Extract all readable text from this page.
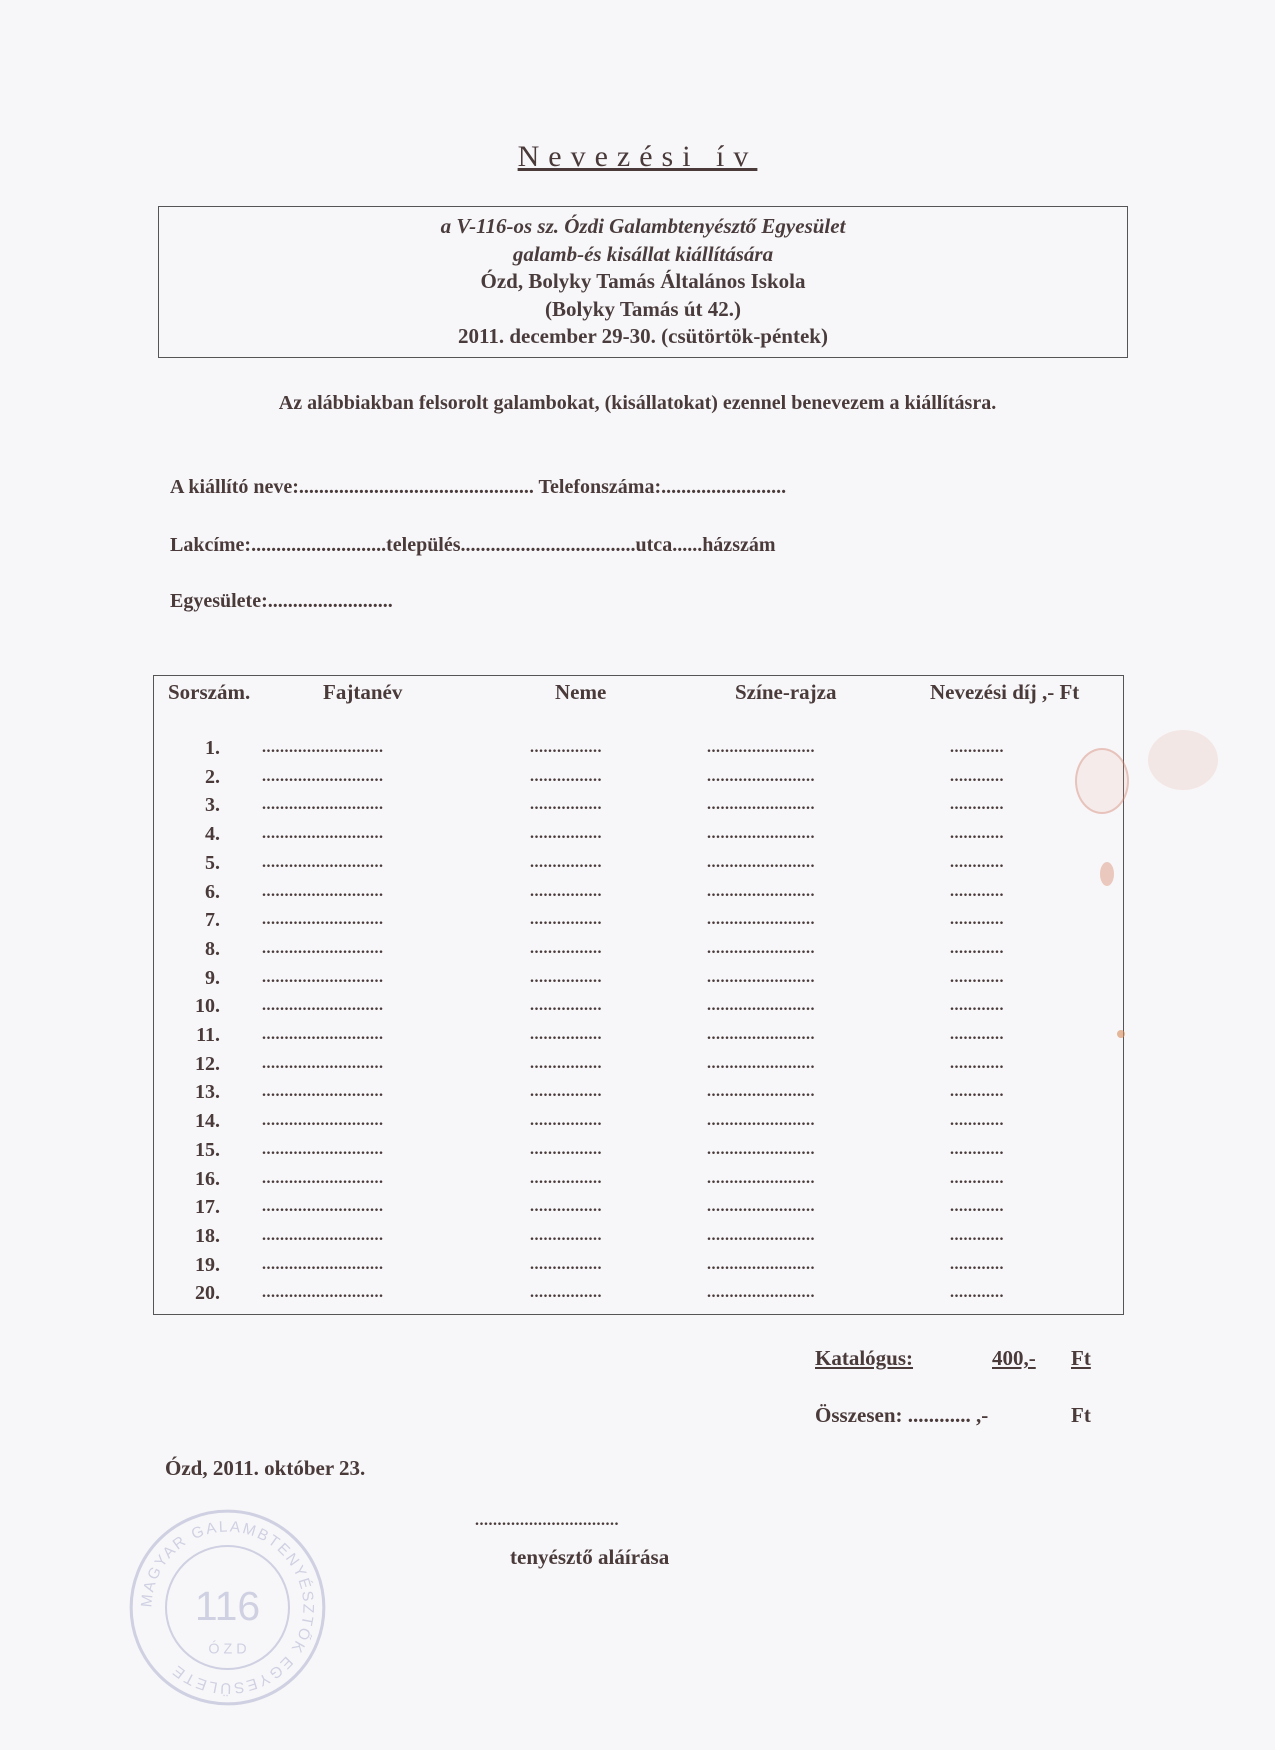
Nevezési ív
a V-116-os sz. Ózdi Galambtenyésztő Egyesület
galamb-és kisállat kiállítására
Ózd, Bolyky Tamás Általános Iskola
(Bolyky Tamás út 42.)
2011. december 29-30. (csütörtök-péntek)
Az alábbiakban felsorolt galambokat, (kisállatokat) ezennel benevezem a kiállításra.
A kiállító neve:............................................... Telefonszáma:.........................
Lakcíme:...........................település...................................utca......házszám
Egyesülete:.........................
Sorszám.	Fajtanév	Neme	Színe-rajza	Nevezési díj ,- Ft
1.	...........................	................	........................	............
2.	...........................	................	........................	............
3.	...........................	................	........................	............
4.	...........................	................	........................	............
5.	...........................	................	........................	............
6.	...........................	................	........................	............
7.	...........................	................	........................	............
8.	...........................	................	........................	............
9.	...........................	................	........................	............
10.	...........................	................	........................	............
11.	...........................	................	........................	............
12.	...........................	................	........................	............
13.	...........................	................	........................	............
14.	...........................	................	........................	............
15.	...........................	................	........................	............
16.	...........................	................	........................	............
17.	...........................	................	........................	............
18.	...........................	................	........................	............
19.	...........................	................	........................	............
20.	...........................	................	........................	............
Katalógus:	400,- Ft
Összesen: ............ ,-	Ft
Ózd, 2011. október 23.
................................
tenyésztő aláírása
MAGYAR GALAMBTENYÉSZTŐK EGYESÜLETE
116
Ó Z D
